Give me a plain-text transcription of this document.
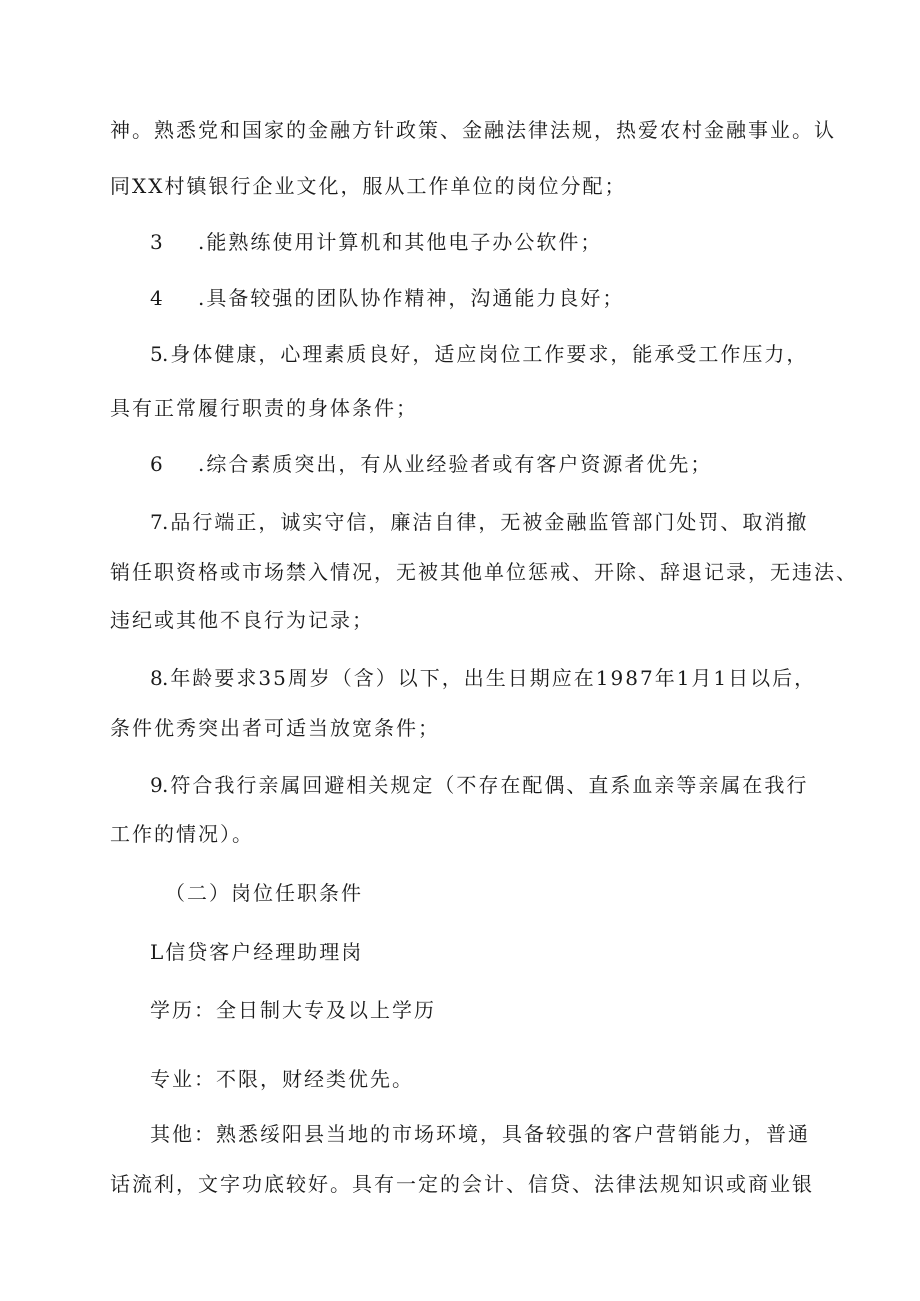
神。熟悉党和国家的金融方针政策、金融法律法规，热爱农村金融事业。认
同XX村镇银行企业文化，服从工作单位的岗位分配；
3 .能熟练使用计算机和其他电子办公软件；
4 .具备较强的团队协作精神，沟通能力良好；
5.身体健康，心理素质良好，适应岗位工作要求，能承受工作压力，
具有正常履行职责的身体条件；
6 .综合素质突出，有从业经验者或有客户资源者优先；
7.品行端正，诚实守信，廉洁自律，无被金融监管部门处罚、取消撤
销任职资格或市场禁入情况，无被其他单位惩戒、开除、辞退记录，无违法、
违纪或其他不良行为记录；
8.年龄要求35周岁（含）以下，出生日期应在1987年1月1日以后，
条件优秀突出者可适当放宽条件；
9.符合我行亲属回避相关规定（不存在配偶、直系血亲等亲属在我行
工作的情况）。
（二）岗位任职条件
L信贷客户经理助理岗
学历：全日制大专及以上学历
专业：不限，财经类优先。
其他：熟悉绥阳县当地的市场环境，具备较强的客户营销能力，普通
话流利，文字功底较好。具有一定的会计、信贷、法律法规知识或商业银
